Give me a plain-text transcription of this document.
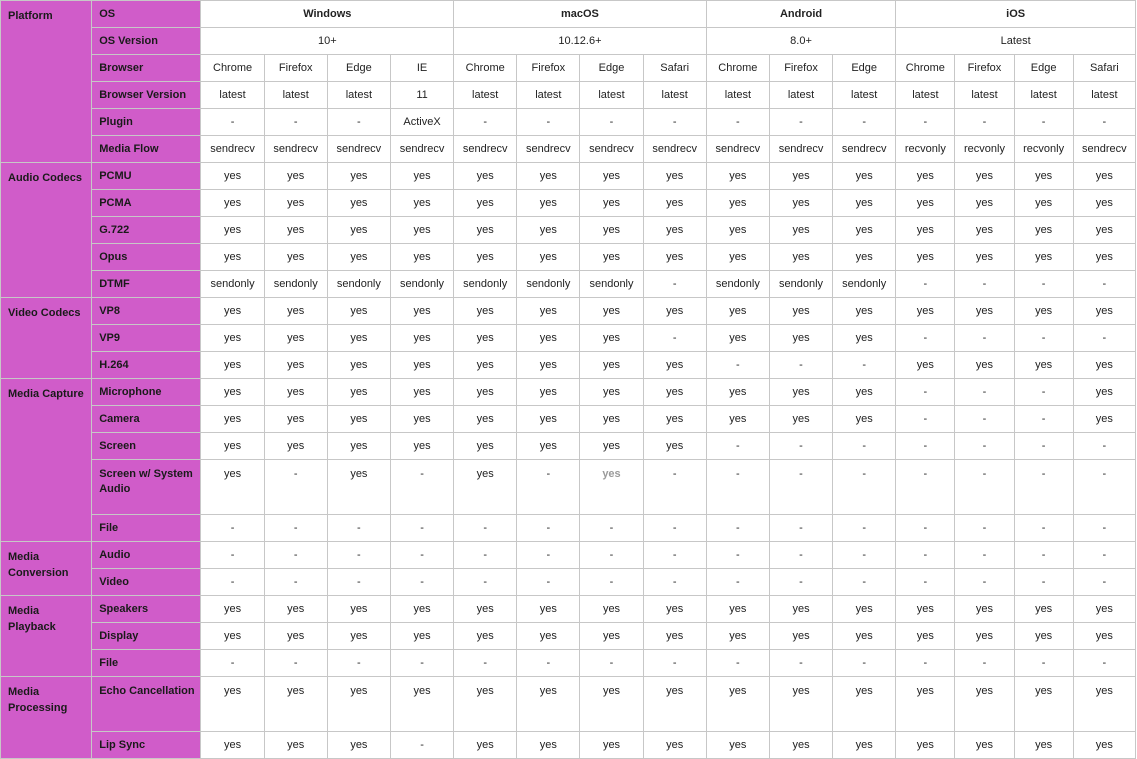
Platform	OS	Windows				macOS				Android			iOS			
	OS Version	10+				10.12.6+				8.0+			Latest			
	Browser	Chrome	Firefox	Edge	IE	Chrome	Firefox	Edge	Safari	Chrome	Firefox	Edge	Chrome	Firefox	Edge	Safari
	Browser Version	latest	latest	latest	11	latest	latest	latest	latest	latest	latest	latest	latest	latest	latest	latest
	Plugin	-	-	-	ActiveX	-	-	-	-	-	-	-	-	-	-	-
	Media Flow	sendrecv	sendrecv	sendrecv	sendrecv	sendrecv	sendrecv	sendrecv	sendrecv	sendrecv	sendrecv	sendrecv	recvonly	recvonly	recvonly	sendrecv
Audio Codecs	PCMU	yes	yes	yes	yes	yes	yes	yes	yes	yes	yes	yes	yes	yes	yes	yes
	PCMA	yes	yes	yes	yes	yes	yes	yes	yes	yes	yes	yes	yes	yes	yes	yes
	G.722	yes	yes	yes	yes	yes	yes	yes	yes	yes	yes	yes	yes	yes	yes	yes
	Opus	yes	yes	yes	yes	yes	yes	yes	yes	yes	yes	yes	yes	yes	yes	yes
	DTMF	sendonly	sendonly	sendonly	sendonly	sendonly	sendonly	sendonly	-	sendonly	sendonly	sendonly	-	-	-	-
Video Codecs	VP8	yes	yes	yes	yes	yes	yes	yes	yes	yes	yes	yes	yes	yes	yes	yes
	VP9	yes	yes	yes	yes	yes	yes	yes	-	yes	yes	yes	-	-	-	-
	H.264	yes	yes	yes	yes	yes	yes	yes	yes	-	-	-	yes	yes	yes	yes
Media Capture	Microphone	yes	yes	yes	yes	yes	yes	yes	yes	yes	yes	yes	-	-	-	yes
	Camera	yes	yes	yes	yes	yes	yes	yes	yes	yes	yes	yes	-	-	-	yes
	Screen	yes	yes	yes	yes	yes	yes	yes	yes	-	-	-	-	-	-	-
	Screen w/ System Audio	yes	-	yes	-	yes	-	yes	-	-	-	-	-	-	-	-
	File	-	-	-	-	-	-	-	-	-	-	-	-	-	-	-
Media Conversion	Audio	-	-	-	-	-	-	-	-	-	-	-	-	-	-	-
	Video	-	-	-	-	-	-	-	-	-	-	-	-	-	-	-
Media Playback	Speakers	yes	yes	yes	yes	yes	yes	yes	yes	yes	yes	yes	yes	yes	yes	yes
	Display	yes	yes	yes	yes	yes	yes	yes	yes	yes	yes	yes	yes	yes	yes	yes
	File	-	-	-	-	-	-	-	-	-	-	-	-	-	-	-
Media Processing	Echo Cancellation	yes	yes	yes	yes	yes	yes	yes	yes	yes	yes	yes	yes	yes	yes	yes
	Lip Sync	yes	yes	yes	-	yes	yes	yes	yes	yes	yes	yes	yes	yes	yes	yes
